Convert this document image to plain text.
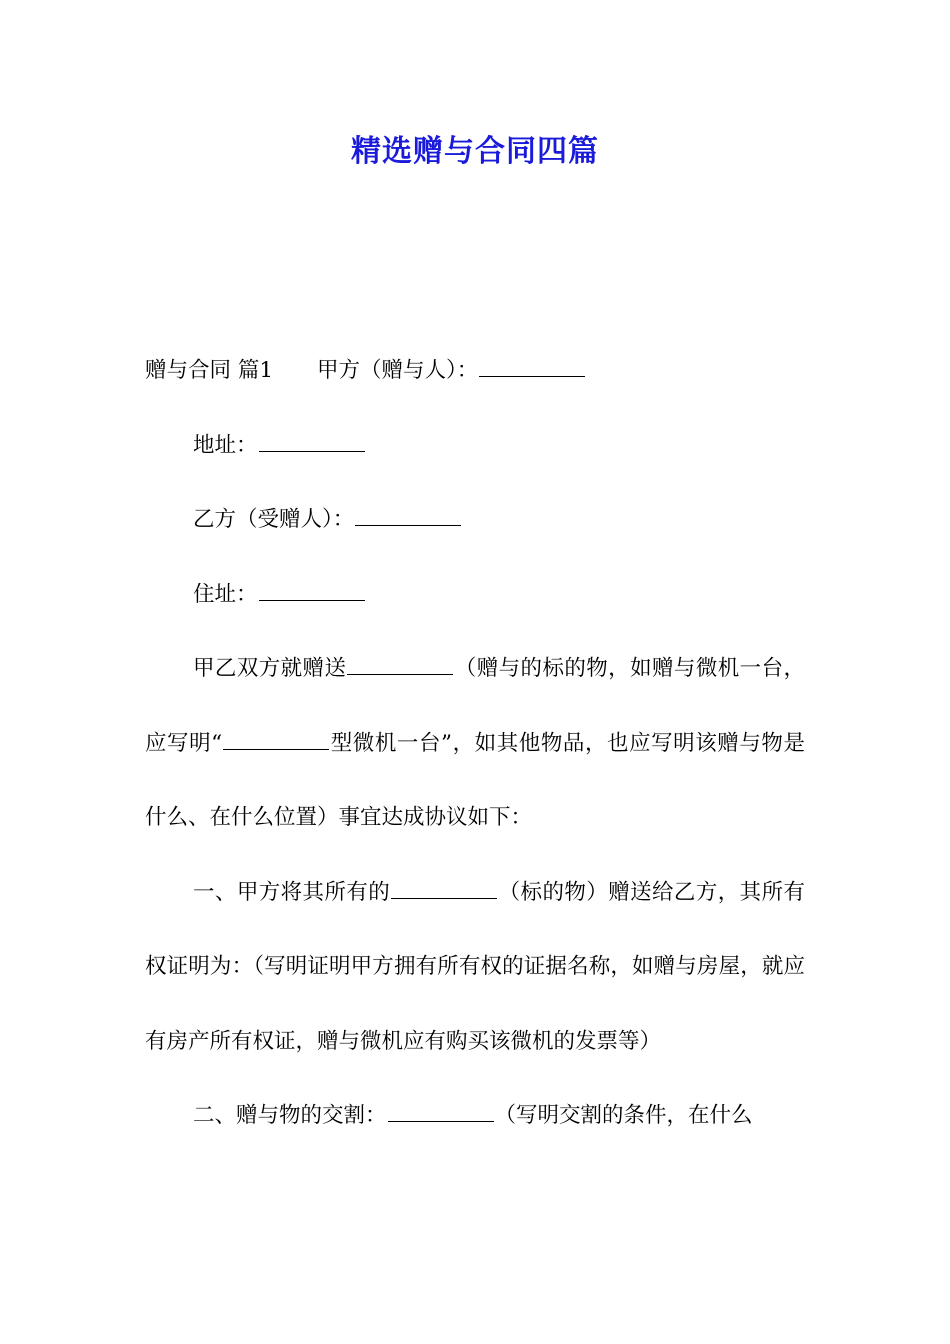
精选赠与合同四篇

赠与合同 篇1 甲方（赠与人）：

地址：

乙方（受赠人）：

住址：

甲乙双方就赠送	（赠与的标的物，如赠与微机一台，应写明“	型微机一台”，如其他物品，也应写明该赠与物是什么、在什么位置）事宜达成协议如下：

一、甲方将其所有的	（标的物）赠送给乙方，其所有权证明为：（写明证明甲方拥有所有权的证据名称，如赠与房屋，就应有房产所有权证，赠与微机应有购买该微机的发票等）

二、赠与物的交割：	（写明交割的条件，在什么
